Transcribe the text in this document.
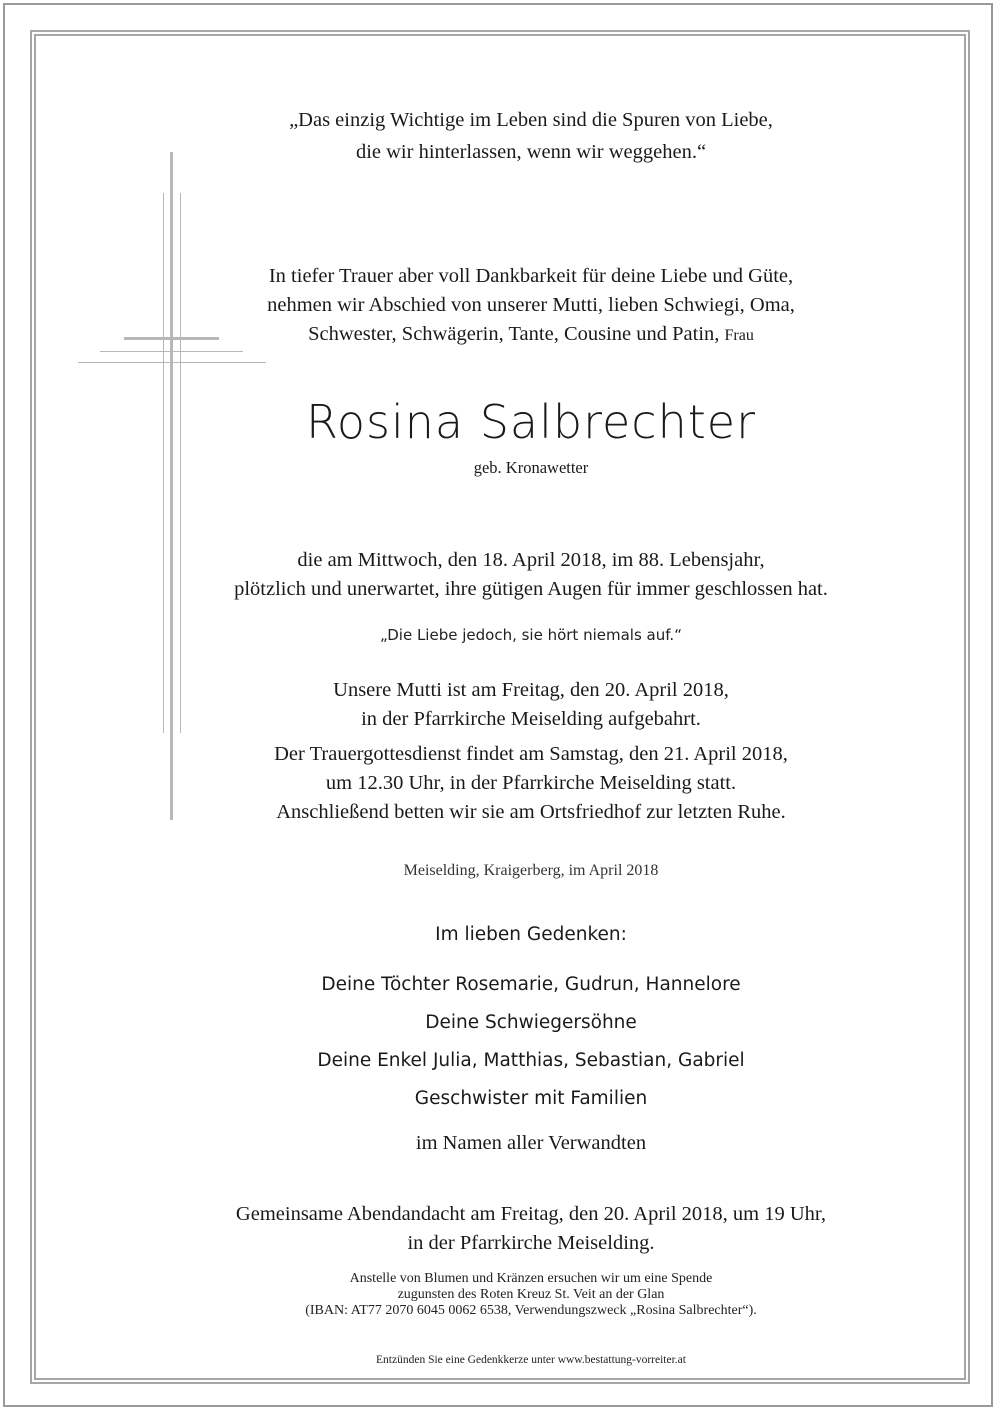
„Das einzig Wichtige im Leben sind die Spuren von Liebe,
die wir hinterlassen, wenn wir weggehen.“
In tiefer Trauer aber voll Dankbarkeit für deine Liebe und Güte,
nehmen wir Abschied von unserer Mutti, lieben Schwiegi, Oma,
Schwester, Schwägerin, Tante, Cousine und Patin, Frau
Rosina Salbrechter
geb. Kronawetter
die am Mittwoch, den 18. April 2018, im 88. Lebensjahr,
plötzlich und unerwartet, ihre gütigen Augen für immer geschlossen hat.
„Die Liebe jedoch, sie hört niemals auf.“
Unsere Mutti ist am Freitag, den 20. April 2018,
in der Pfarrkirche Meiselding aufgebahrt.
Der Trauergottesdienst findet am Samstag, den 21. April 2018,
um 12.30 Uhr, in der Pfarrkirche Meiselding statt.
Anschließend betten wir sie am Ortsfriedhof zur letzten Ruhe.
Meiselding, Kraigerberg, im April 2018
Im lieben Gedenken:
Deine Töchter Rosemarie, Gudrun, Hannelore
Deine Schwiegersöhne
Deine Enkel Julia, Matthias, Sebastian, Gabriel
Geschwister mit Familien
im Namen aller Verwandten
Gemeinsame Abendandacht am Freitag, den 20. April 2018, um 19 Uhr,
in der Pfarrkirche Meiselding.
Anstelle von Blumen und Kränzen ersuchen wir um eine Spende
zugunsten des Roten Kreuz St. Veit an der Glan
(IBAN: AT77 2070 6045 0062 6538, Verwendungszweck „Rosina Salbrechter“).
Entzünden Sie eine Gedenkkerze unter www.bestattung-vorreiter.at
